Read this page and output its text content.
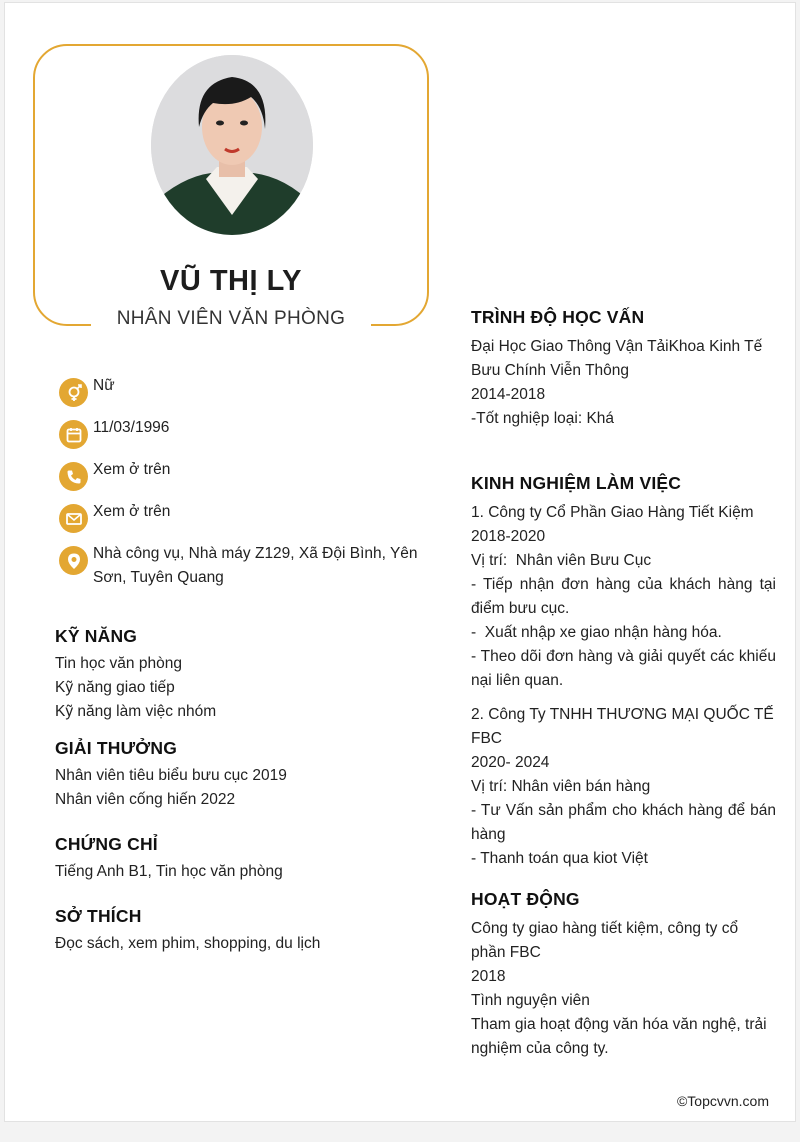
VŨ THỊ LY
NHÂN VIÊN VĂN PHÒNG
Nữ
11/03/1996
Xem ở trên
Xem ở trên
Nhà công vụ, Nhà máy Z129, Xã Đội Bình, Yên Sơn, Tuyên Quang
KỸ NĂNG
Tin học văn phòng
Kỹ năng giao tiếp
Kỹ năng làm việc nhóm
GIẢI THƯỞNG
Nhân viên tiêu biểu bưu cục 2019
Nhân viên cống hiến 2022
CHỨNG CHỈ
Tiếng Anh B1, Tin học văn phòng
SỞ THÍCH
Đọc sách, xem phim, shopping, du lịch
TRÌNH ĐỘ HỌC VẤN
Đại Học Giao Thông Vận TảiKhoa Kinh Tế Bưu Chính Viễn Thông
2014-2018
-Tốt nghiệp loại: Khá
KINH NGHIỆM LÀM VIỆC
1. Công ty Cổ Phần Giao Hàng Tiết Kiệm
2018-2020
Vị trí:  Nhân viên Bưu Cục
- Tiếp nhận đơn hàng của khách hàng tại điểm bưu cục.
-  Xuất nhập xe giao nhận hàng hóa.
- Theo dõi đơn hàng và giải quyết các khiếu nại liên quan.
2. Công Ty TNHH THƯƠNG MẠI QUỐC TẾ FBC
2020- 2024
Vị trí: Nhân viên bán hàng
- Tư Vấn sản phẩm cho khách hàng để bán hàng
- Thanh toán qua kiot Việt
HOẠT ĐỘNG
Công ty giao hàng tiết kiệm, công ty cổ phần FBC
2018
Tình nguyện viên
Tham gia hoạt động văn hóa văn nghệ, trải nghiệm của công ty.
©Topcvvn.com
